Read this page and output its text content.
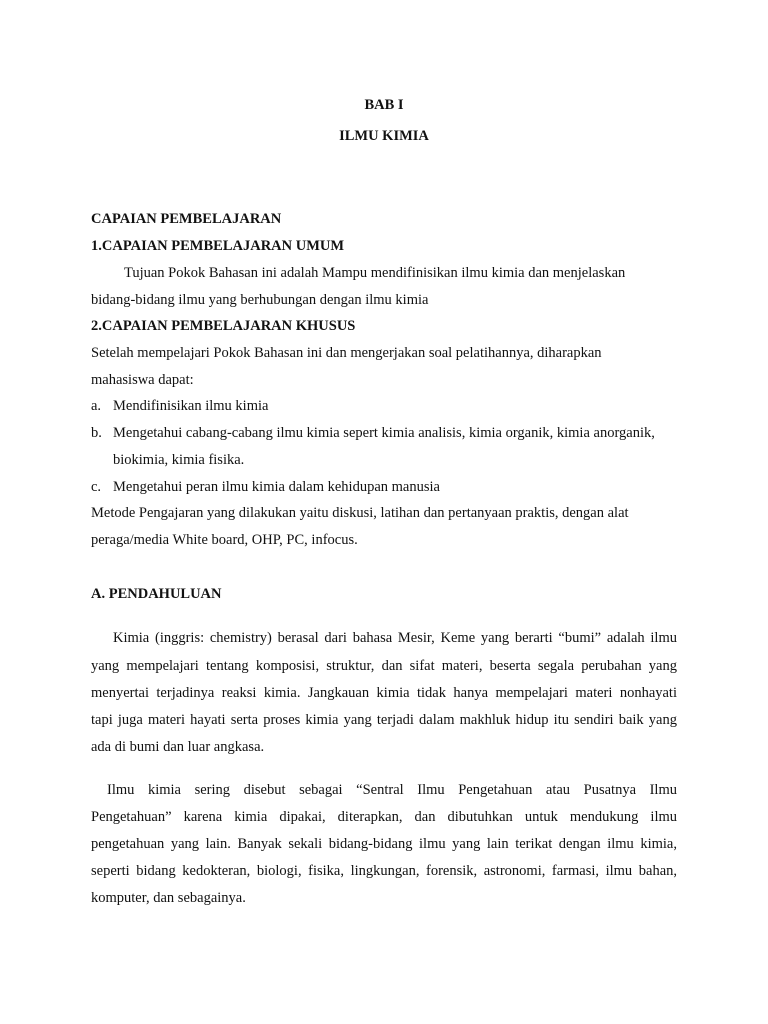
BAB I
ILMU KIMIA
CAPAIAN PEMBELAJARAN
1.CAPAIAN PEMBELAJARAN UMUM
Tujuan Pokok Bahasan ini adalah Mampu mendifinisikan ilmu kimia dan menjelaskan
bidang-bidang ilmu yang berhubungan dengan ilmu kimia
2.CAPAIAN PEMBELAJARAN KHUSUS
Setelah mempelajari Pokok Bahasan ini dan mengerjakan soal pelatihannya, diharapkan
mahasiswa dapat:
a. Mendifinisikan ilmu kimia
b. Mengetahui cabang-cabang ilmu kimia sepert kimia analisis, kimia organik, kimia anorganik,
biokimia, kimia fisika.
c. Mengetahui peran ilmu kimia dalam kehidupan manusia
Metode Pengajaran yang dilakukan yaitu diskusi, latihan dan pertanyaan praktis, dengan alat
peraga/media White board, OHP, PC, infocus.
A. PENDAHULUAN
Kimia (inggris: chemistry) berasal dari bahasa Mesir, Keme yang berarti “bumi” adalah ilmu
yang mempelajari tentang komposisi, struktur, dan sifat materi, beserta segala perubahan yang
menyertai terjadinya reaksi kimia. Jangkauan kimia tidak hanya mempelajari materi nonhayati
tapi juga materi hayati serta proses kimia yang terjadi dalam makhluk hidup itu sendiri baik yang
ada di bumi dan luar angkasa.
Ilmu kimia sering disebut sebagai “Sentral Ilmu Pengetahuan atau Pusatnya Ilmu
Pengetahuan” karena kimia dipakai, diterapkan, dan dibutuhkan untuk mendukung ilmu
pengetahuan yang lain. Banyak sekali bidang-bidang ilmu yang lain terikat dengan ilmu kimia,
seperti bidang kedokteran, biologi, fisika, lingkungan, forensik, astronomi, farmasi, ilmu bahan,
komputer, dan sebagainya.
